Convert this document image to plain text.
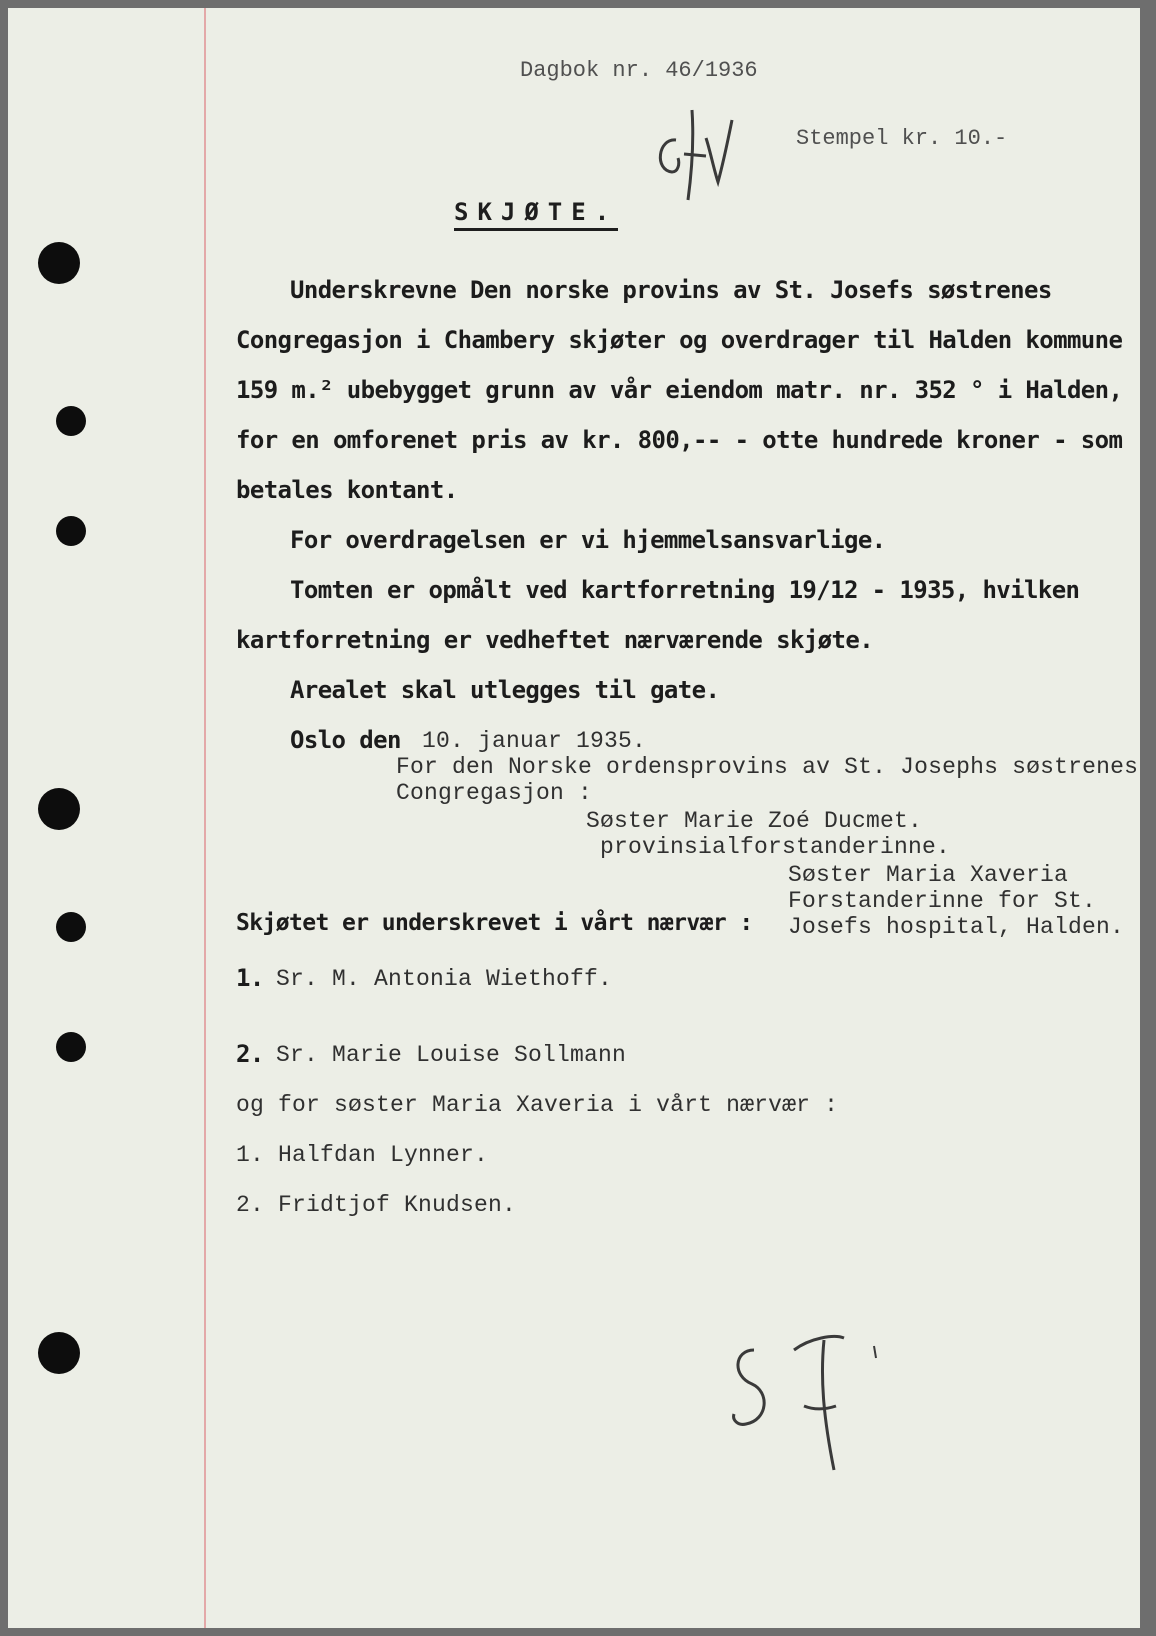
Dagbok nr. 46/1936
Stempel kr. 10.-
SKJØTE.
Underskrevne Den norske provins av St. Josefs søstrenes
Congregasjon i Chambery skjøter og overdrager til Halden kommune
159 m.² ubebygget grunn av vår eiendom matr. nr. 352 ° i Halden,
for en omforenet pris av kr. 800,-- - otte hundrede kroner - som
betales kontant.
For overdragelsen er vi hjemmelsansvarlige.
Tomten er opmålt ved kartforretning 19/12 - 1935, hvilken
kartforretning er vedheftet nærværende skjøte.
Arealet skal utlegges til gate.
Oslo den 10. januar 1935.
For den Norske ordensprovins av St. Josephs søstrenes
Congregasjon :
Søster Marie Zoé Ducmet.
provinsialforstanderinne.
Søster Maria Xaveria
Forstanderinne for St.
Josefs hospital, Halden.
Skjøtet er underskrevet i vårt nærvær :
1. Sr. M. Antonia Wiethoff.
2. Sr. Marie Louise Sollmann
og for søster Maria Xaveria i vårt nærvær :
1. Halfdan Lynner.
2. Fridtjof Knudsen.
